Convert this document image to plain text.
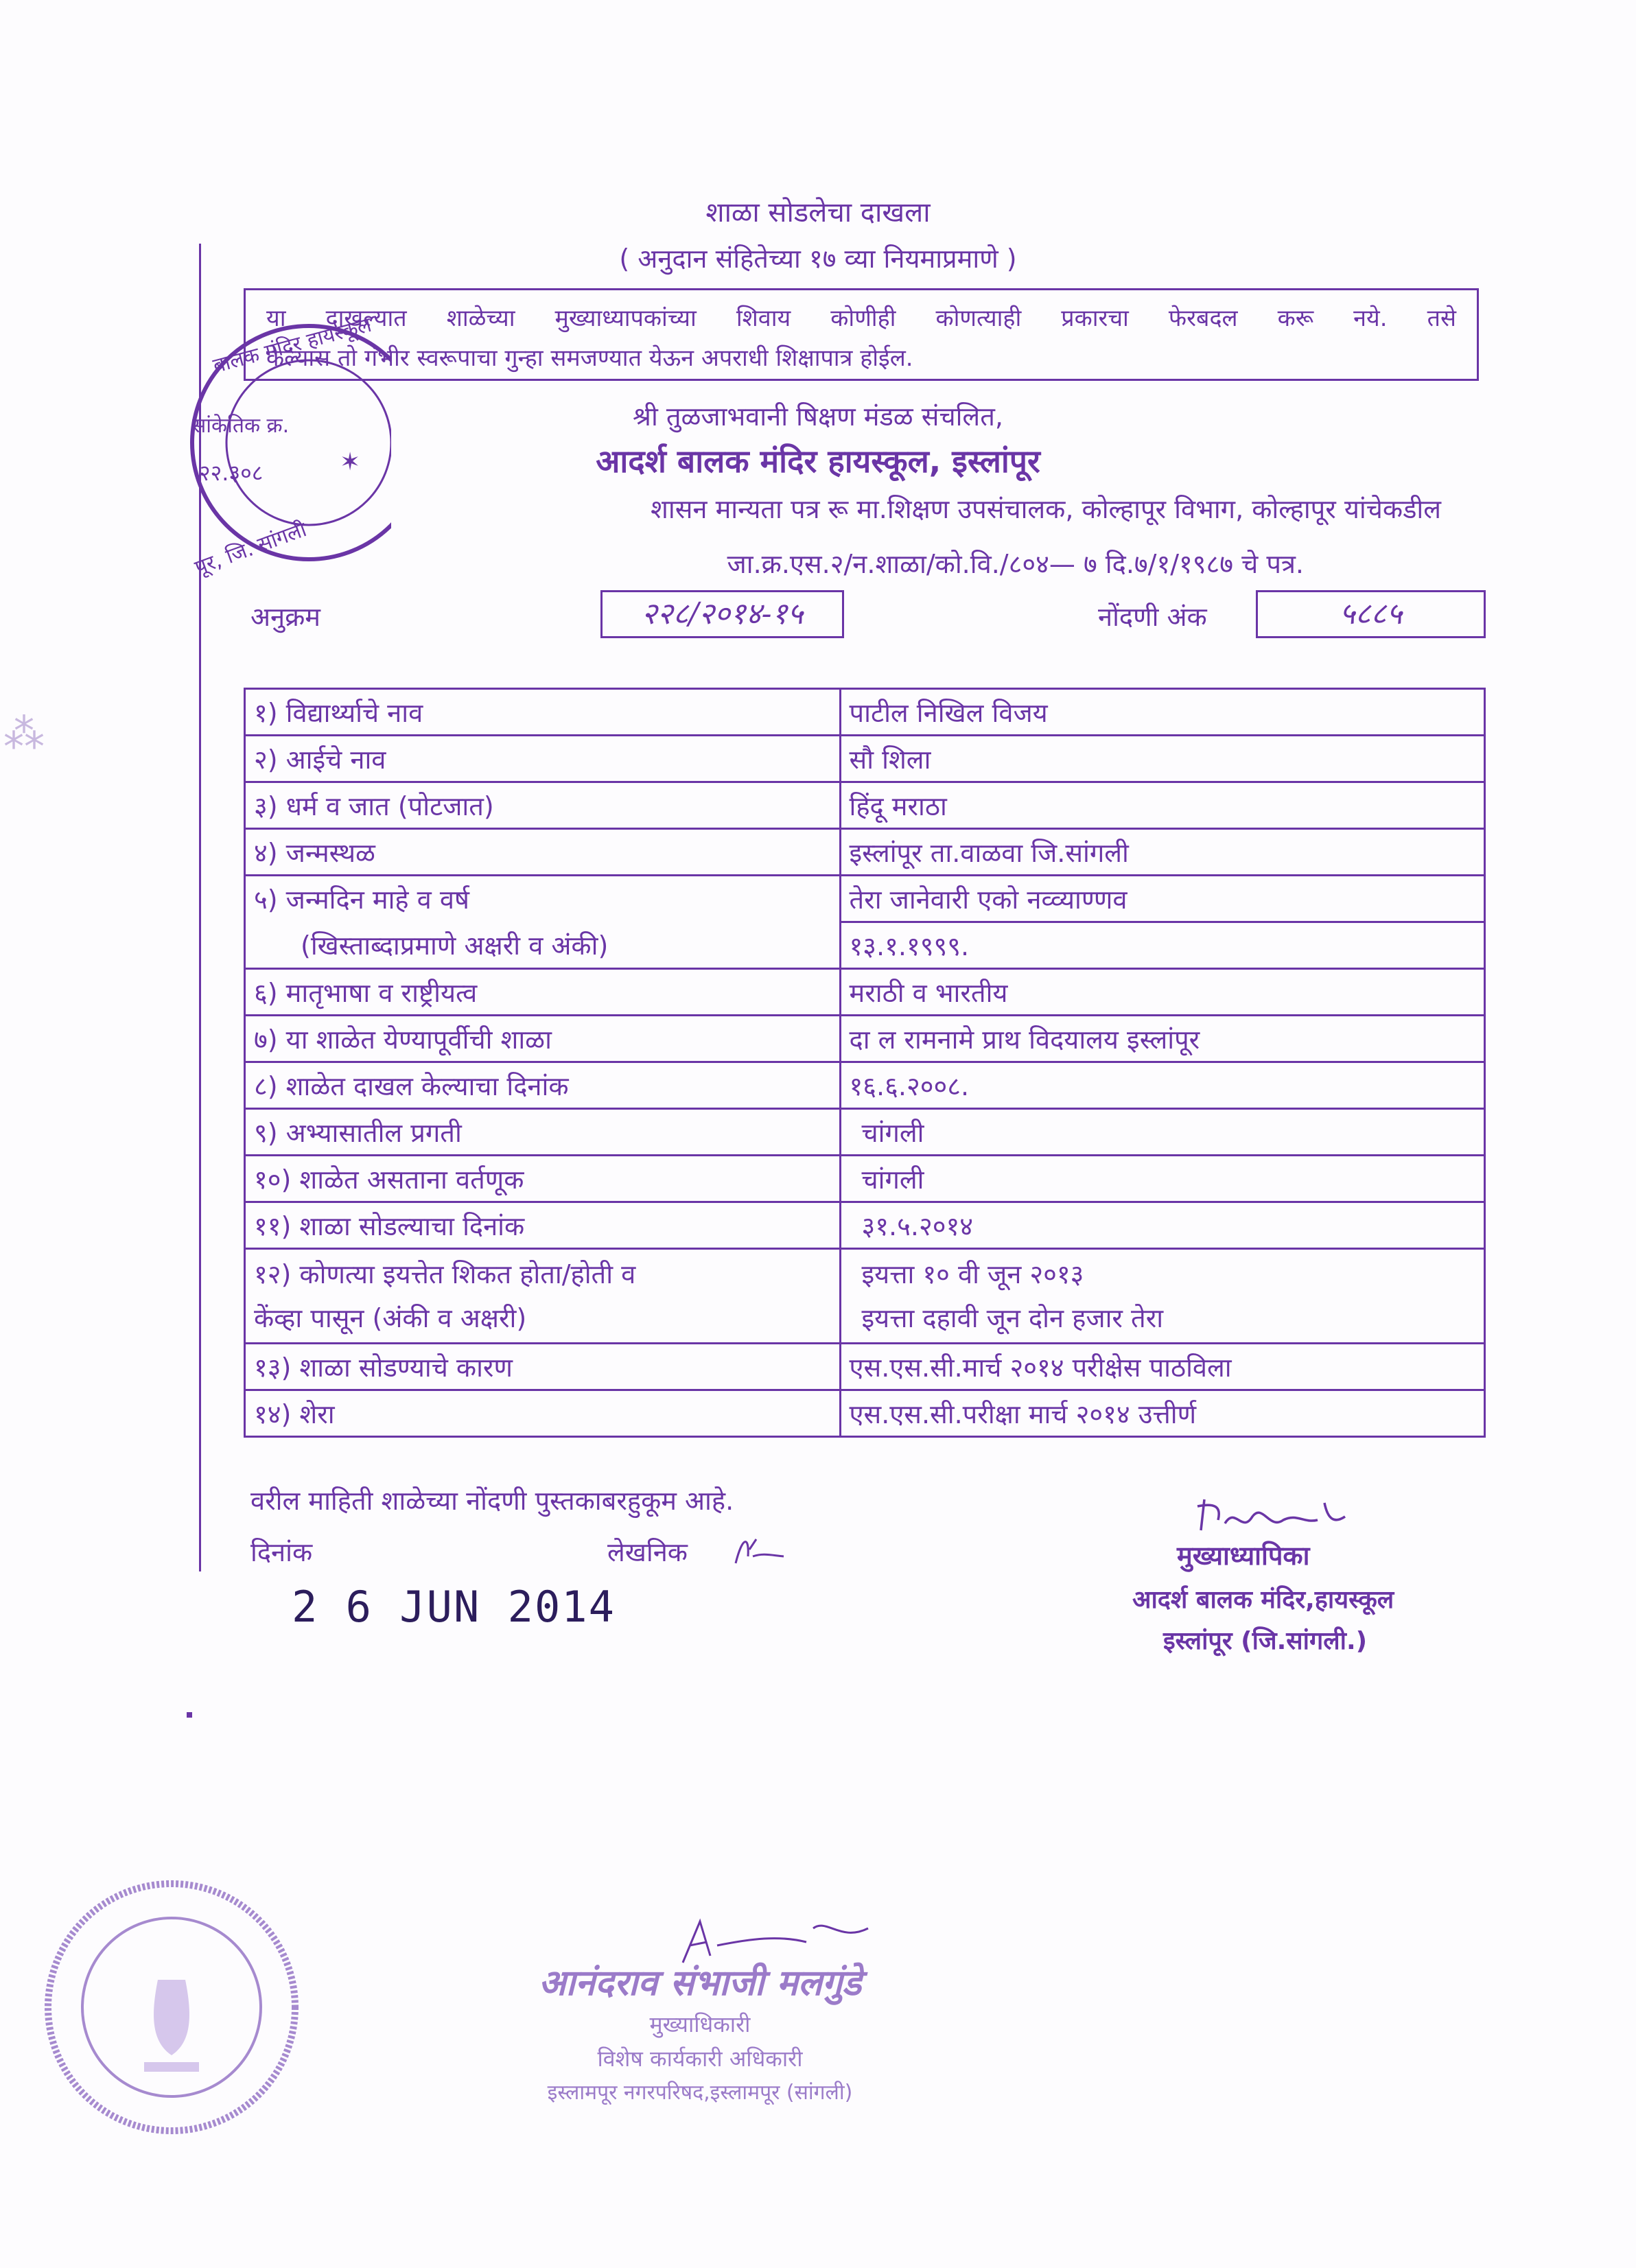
⁂
शाळा सोडलेचा दाखला
( अनुदान संहितेच्या १७ व्या नियमाप्रमाणे )
या दाखल्यात शाळेच्या मुख्याध्यापकांच्या शिवाय कोणीही कोणत्याही प्रकारचा फेरबदल करू नये. तसे
केल्यास तो गंभीर स्वरूपाचा गुन्हा समजण्यात येऊन अपराधी शिक्षापात्र होईल.
श्री तुळजाभवानी षिक्षण मंडळ संचलित,
आदर्श बालक मंदिर हायस्कूल, इस्लांपूर
शासन मान्यता पत्र रू मा.शिक्षण उपसंचालक, कोल्हापूर विभाग, कोल्हापूर यांचेकडील
जा.क्र.एस.२/न.शाळा/को.वि./८०४— ७ दि.७/१/१९८७ चे पत्र.
अनुक्रम	२२८/२०१४-१५	नोंदणी अंक	५८८५
१) विद्यार्थ्याचे नाव	पाटील निखिल विजय
२) आईचे नाव	सौ शिला
३) धर्म व जात (पोटजात)	हिंदू मराठा
४) जन्मस्थळ	इस्लांपूर ता.वाळवा जि.सांगली
५) जन्मदिन माहे व वर्ष	तेरा जानेवारी एको नव्व्याण्णव
(खिस्ताब्दाप्रमाणे अक्षरी व अंकी)	१३.१.१९९९.
६) मातृभाषा व राष्ट्रीयत्व	मराठी व भारतीय
७) या शाळेत येण्यापूर्वीची शाळा	दा ल रामनामे प्राथ विदयालय इस्लांपूर
८) शाळेत दाखल केल्याचा दिनांक	१६.६.२००८.
९) अभ्यासातील प्रगती	चांगली
१०) शाळेत असताना वर्तणूक	चांगली
११) शाळा सोडल्याचा दिनांक	३१.५.२०१४

१२) कोणत्या इयत्तेत शिकत होता/होती व
केंव्हा पासून (अंकी व अक्षरी)	इयत्ता १० वी जून २०१३
इयत्ता दहावी जून दोन हजार तेरा

१३) शाळा सोडण्याचे कारण	एस.एस.सी.मार्च २०१४ परीक्षेस पाठविला
१४) शेरा	एस.एस.सी.परीक्षा मार्च २०१४ उत्तीर्ण
वरील माहिती शाळेच्या नोंदणी पुस्तकाबरहुकूम आहे.
दिनांक	लेखनिक
2 6 JUN 2014
मुख्याध्यापिका
आदर्श बालक मंदिर,हायस्कूल
इस्लांपूर (जि.सांगली.)
बालक मंदिर हायस्कूल
सांकेतिक क्र.
२२.३०८
पूर, जि. सांगली
✶
आनंदराव संभाजी मलगुंडे
मुख्याधिकारी
विशेष कार्यकारी अधिकारी
इस्लामपूर नगरपरिषद,इस्लामपूर (सांगली)
